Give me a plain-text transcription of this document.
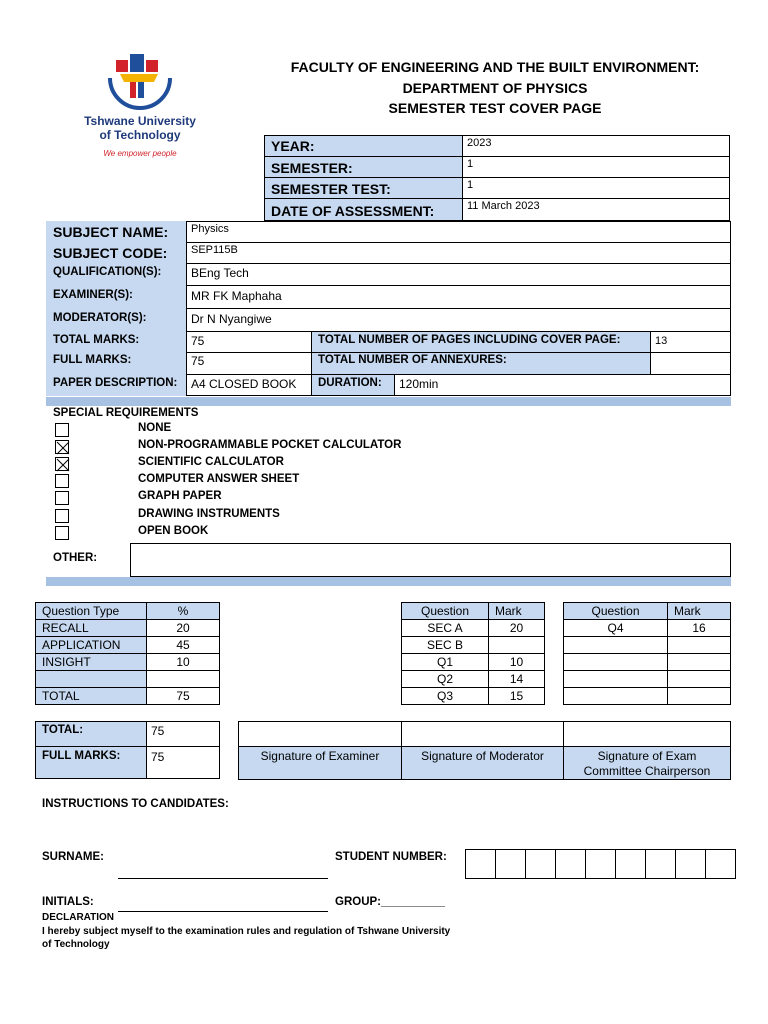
Tshwane University
of Technology
We empower people
FACULTY OF ENGINEERING AND THE BUILT ENVIRONMENT:
DEPARTMENT OF PHYSICS
SEMESTER TEST COVER PAGE
YEAR:	2023
SEMESTER:	1
SEMESTER TEST:	1
DATE OF ASSESSMENT:	11 March 2023
SUBJECT NAME:	Physics
SUBJECT CODE:	SEP115B
QUALIFICATION(S):	BEng Tech
EXAMINER(S):	MR FK Maphaha
MODERATOR(S):	Dr N Nyangiwe
TOTAL MARKS:	75	TOTAL NUMBER OF PAGES INCLUDING COVER PAGE:	13
FULL MARKS:	75	TOTAL NUMBER OF ANNEXURES:
PAPER DESCRIPTION:	A4 CLOSED BOOK	DURATION:	120min
SPECIAL REQUIREMENTS
NONE
NON-PROGRAMMABLE POCKET CALCULATOR
SCIENTIFIC CALCULATOR
COMPUTER ANSWER SHEET
GRAPH PAPER
DRAWING INSTRUMENTS
OPEN BOOK
OTHER:
Question Type	%
RECALL	20
APPLICATION	45
INSIGHT	10
TOTAL	75
Question	Mark
SEC A	20
SEC B
Q1	10
Q2	14
Q3	15
Question	Mark
Q4	16
TOTAL:	75
FULL MARKS:	75	Signature of Examiner	Signature of Moderator	Signature of Exam
Committee Chairperson
INSTRUCTIONS TO CANDIDATES:
SURNAME:	STUDENT NUMBER:
INITIALS:	GROUP:__________
DECLARATION
I hereby subject myself to the examination rules and regulation of Tshwane University
of Technology
